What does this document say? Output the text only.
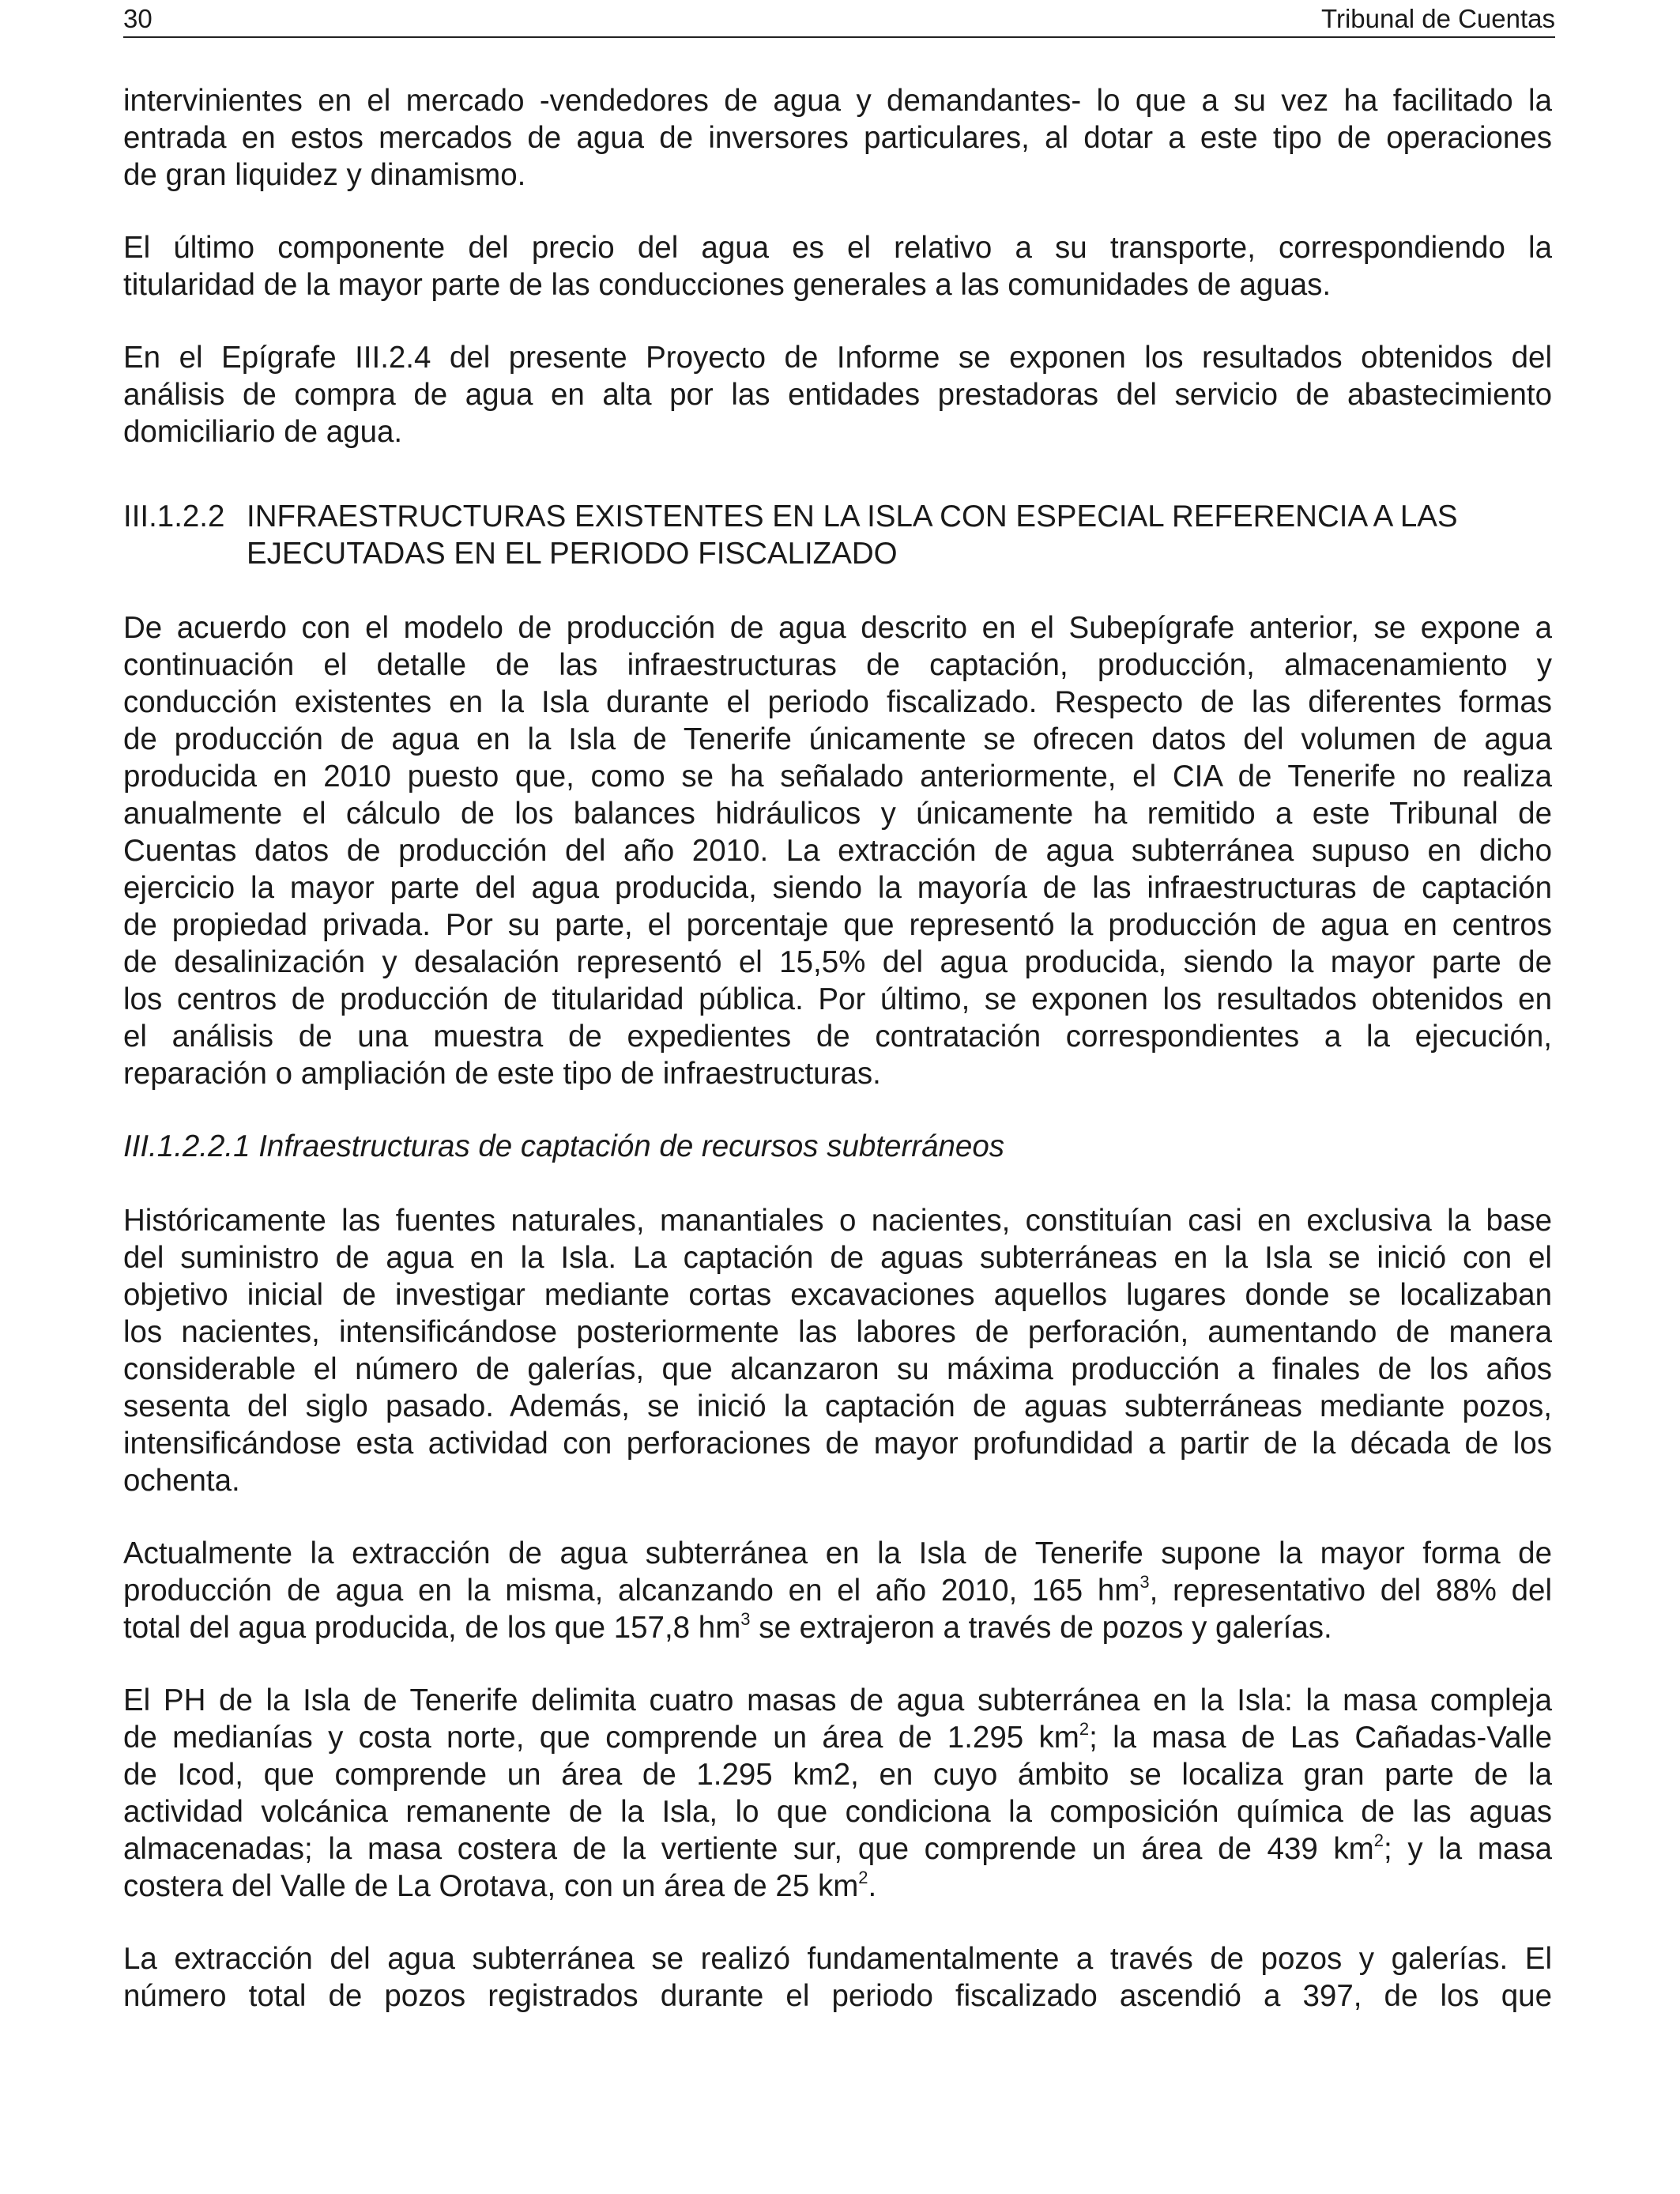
30	Tribunal de Cuentas

intervinientes en el mercado -vendedores de agua y demandantes- lo que a su vez ha facilitado la
entrada en estos mercados de agua de inversores particulares, al dotar a este tipo de operaciones
de gran liquidez y dinamismo.

El último componente del precio del agua es el relativo a su transporte, correspondiendo la
titularidad de la mayor parte de las conducciones generales a las comunidades de aguas.

En el Epígrafe III.2.4 del presente Proyecto de Informe se exponen los resultados obtenidos del
análisis de compra de agua en alta por las entidades prestadoras del servicio de abastecimiento
domiciliario de agua.

III.1.2.2 INFRAESTRUCTURAS EXISTENTES EN LA ISLA CON ESPECIAL REFERENCIA A LAS
EJECUTADAS EN EL PERIODO FISCALIZADO

De acuerdo con el modelo de producción de agua descrito en el Subepígrafe anterior, se expone a
continuación el detalle de las infraestructuras de captación, producción, almacenamiento y
conducción existentes en la Isla durante el periodo fiscalizado. Respecto de las diferentes formas
de producción de agua en la Isla de Tenerife únicamente se ofrecen datos del volumen de agua
producida en 2010 puesto que, como se ha señalado anteriormente, el CIA de Tenerife no realiza
anualmente el cálculo de los balances hidráulicos y únicamente ha remitido a este Tribunal de
Cuentas datos de producción del año 2010. La extracción de agua subterránea supuso en dicho
ejercicio la mayor parte del agua producida, siendo la mayoría de las infraestructuras de captación
de propiedad privada. Por su parte, el porcentaje que representó la producción de agua en centros
de desalinización y desalación representó el 15,5% del agua producida, siendo la mayor parte de
los centros de producción de titularidad pública. Por último, se exponen los resultados obtenidos en
el análisis de una muestra de expedientes de contratación correspondientes a la ejecución,
reparación o ampliación de este tipo de infraestructuras.

III.1.2.2.1 Infraestructuras de captación de recursos subterráneos

Históricamente las fuentes naturales, manantiales o nacientes, constituían casi en exclusiva la base
del suministro de agua en la Isla. La captación de aguas subterráneas en la Isla se inició con el
objetivo inicial de investigar mediante cortas excavaciones aquellos lugares donde se localizaban
los nacientes, intensificándose posteriormente las labores de perforación, aumentando de manera
considerable el número de galerías, que alcanzaron su máxima producción a finales de los años
sesenta del siglo pasado. Además, se inició la captación de aguas subterráneas mediante pozos,
intensificándose esta actividad con perforaciones de mayor profundidad a partir de la década de los
ochenta.

Actualmente la extracción de agua subterránea en la Isla de Tenerife supone la mayor forma de
producción de agua en la misma, alcanzando en el año 2010, 165 $hm^3$, representativo del 88% del
total del agua producida, de los que 157,8 $hm^3$ se extrajeron a través de pozos y galerías.

El PH de la Isla de Tenerife delimita cuatro masas de agua subterránea en la Isla: la masa compleja
de medianías y costa norte, que comprende un área de 1.295 $km^2$; la masa de Las Cañadas-Valle
de Icod, que comprende un área de 1.295 km2, en cuyo ámbito se localiza gran parte de la
actividad volcánica remanente de la Isla, lo que condiciona la composición química de las aguas
almacenadas; la masa costera de la vertiente sur, que comprende un área de 439 $km^2$; y la masa
costera del Valle de La Orotava, con un área de 25 $km^2$.

La extracción del agua subterránea se realizó fundamentalmente a través de pozos y galerías. El
número total de pozos registrados durante el periodo fiscalizado ascendió a 397, de los que
